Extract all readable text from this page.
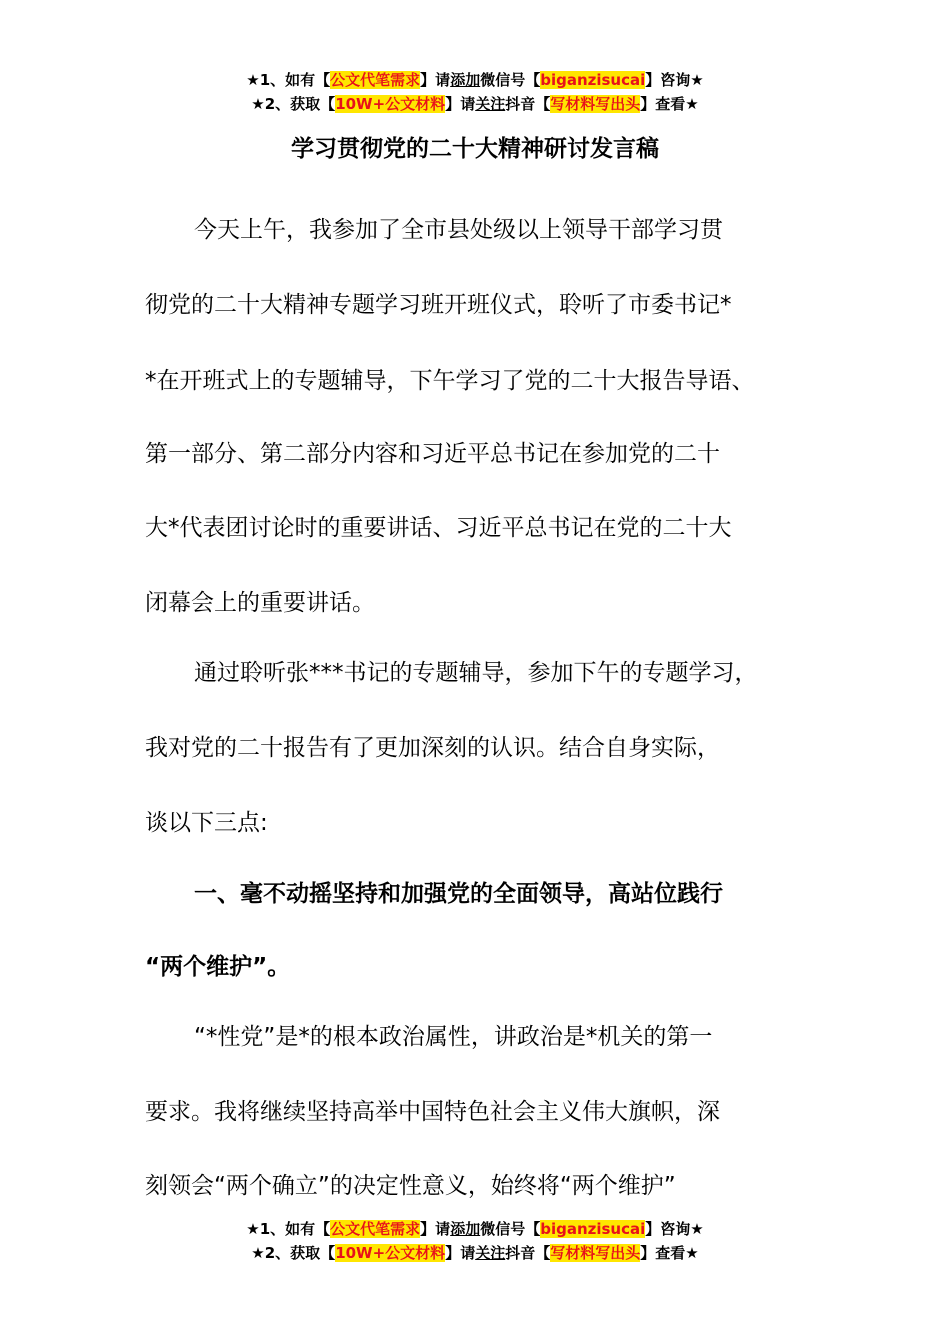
★1、如有【公文代笔需求】请添加微信号【biganzisucai】咨询★
★2、获取【10W+公文材料】请关注抖音【写材料写出头】查看★
学习贯彻党的二十大精神研讨发言稿
今天上午，我参加了全市县处级以上领导干部学习贯
彻党的二十大精神专题学习班开班仪式，聆听了市委书记*
*在开班式上的专题辅导，下午学习了党的二十大报告导语、
第一部分、第二部分内容和习近平总书记在参加党的二十
大*代表团讨论时的重要讲话、习近平总书记在党的二十大
闭幕会上的重要讲话。
通过聆听张***书记的专题辅导，参加下午的专题学习，
我对党的二十报告有了更加深刻的认识。结合自身实际，
谈以下三点:
一、毫不动摇坚持和加强党的全面领导，高站位践行
“两个维护”。
“*性党”是*的根本政治属性，讲政治是*机关的第一
要求。我将继续坚持高举中国特色社会主义伟大旗帜，深
刻领会“两个确立”的决定性意义，始终将“两个维护”
★1、如有【公文代笔需求】请添加微信号【biganzisucai】咨询★
★2、获取【10W+公文材料】请关注抖音【写材料写出头】查看★
